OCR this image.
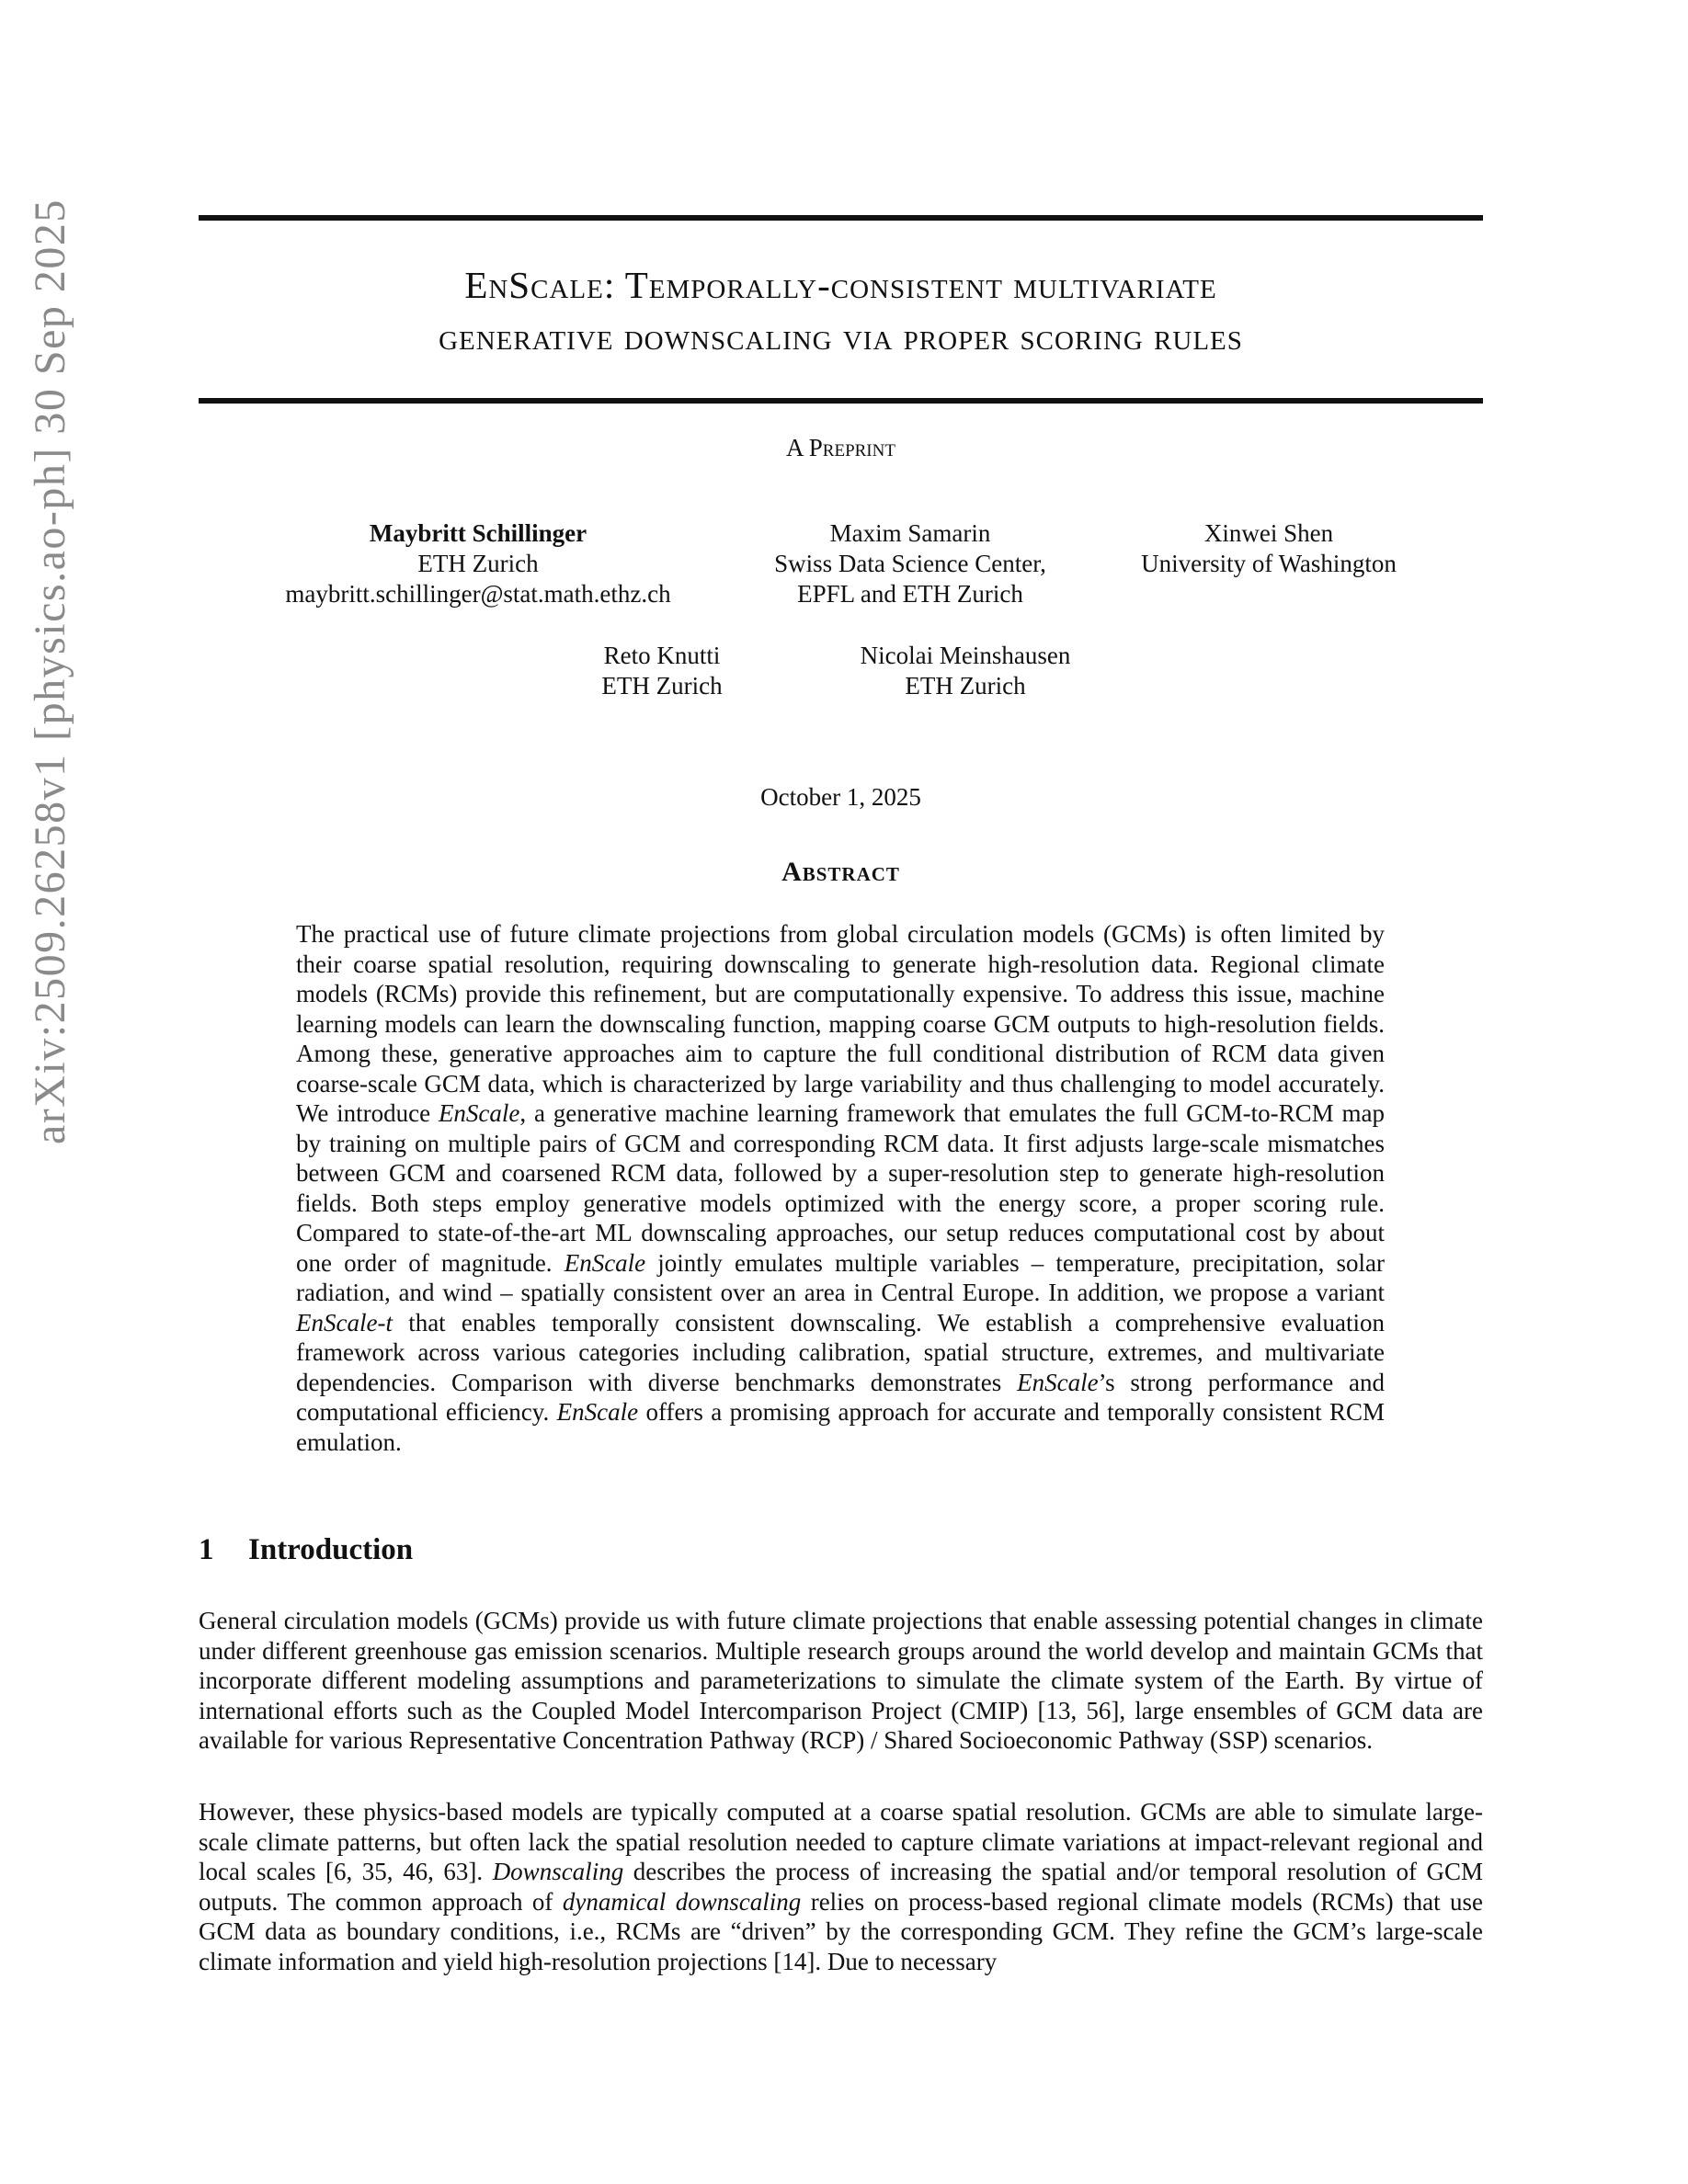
arXiv:2509.26258v1 [physics.ao-ph] 30 Sep 2025	EnScale: Temporally-consistent multivariate
generative downscaling via proper scoring rules
A Preprint
Maybritt Schillinger
ETH Zurich
maybritt.schillinger@stat.math.ethz.ch
Maxim Samarin
Swiss Data Science Center,
EPFL and ETH Zurich
Xinwei Shen
University of Washington
Reto Knutti
ETH Zurich
Nicolai Meinshausen
ETH Zurich
October 1, 2025
Abstract
The practical use of future climate projections from global circulation models (GCMs) is often limited by their coarse spatial resolution, requiring downscaling to generate high-resolution data. Regional climate models (RCMs) provide this refinement, but are computationally expensive. To address this issue, machine learning models can learn the downscaling function, mapping coarse GCM outputs to high-resolution fields. Among these, generative approaches aim to capture the full conditional distribution of RCM data given coarse-scale GCM data, which is characterized by large variability and thus challenging to model accurately. We introduce EnScale, a generative machine learning framework that emulates the full GCM-to-RCM map by training on multiple pairs of GCM and corresponding RCM data. It first adjusts large-scale mismatches between GCM and coarsened RCM data, followed by a super-resolution step to generate high-resolution fields. Both steps employ generative models optimized with the energy score, a proper scoring rule. Compared to state-of-the-art ML downscaling approaches, our setup reduces computational cost by about one order of magnitude. EnScale jointly emulates multiple variables – temperature, precipitation, solar radiation, and wind – spatially consistent over an area in Central Europe. In addition, we propose a variant EnScale-t that enables temporally consistent downscaling. We establish a comprehensive evaluation framework across various categories including calibration, spatial structure, extremes, and multivariate dependencies. Comparison with diverse benchmarks demonstrates EnScale’s strong performance and computational efficiency. EnScale offers a promising approach for accurate and temporally consistent RCM emulation.
1 Introduction
General circulation models (GCMs) provide us with future climate projections that enable assessing potential changes in climate under different greenhouse gas emission scenarios. Multiple research groups around the world develop and maintain GCMs that incorporate different modeling assumptions and parameterizations to simulate the climate system of the Earth. By virtue of international efforts such as the Coupled Model Intercomparison Project (CMIP) [13, 56], large ensembles of GCM data are available for various Representative Concentration Pathway (RCP) / Shared Socioeconomic Pathway (SSP) scenarios.
However, these physics-based models are typically computed at a coarse spatial resolution. GCMs are able to simulate large-scale climate patterns, but often lack the spatial resolution needed to capture climate variations at impact-relevant regional and local scales [6, 35, 46, 63]. Downscaling describes the process of increasing the spatial and/or temporal resolution of GCM outputs. The common approach of dynamical downscaling relies on process-based regional climate models (RCMs) that use GCM data as boundary conditions, i.e., RCMs are “driven” by the corresponding GCM. They refine the GCM’s large-scale climate information and yield high-resolution projections [14]. Due to necessary
